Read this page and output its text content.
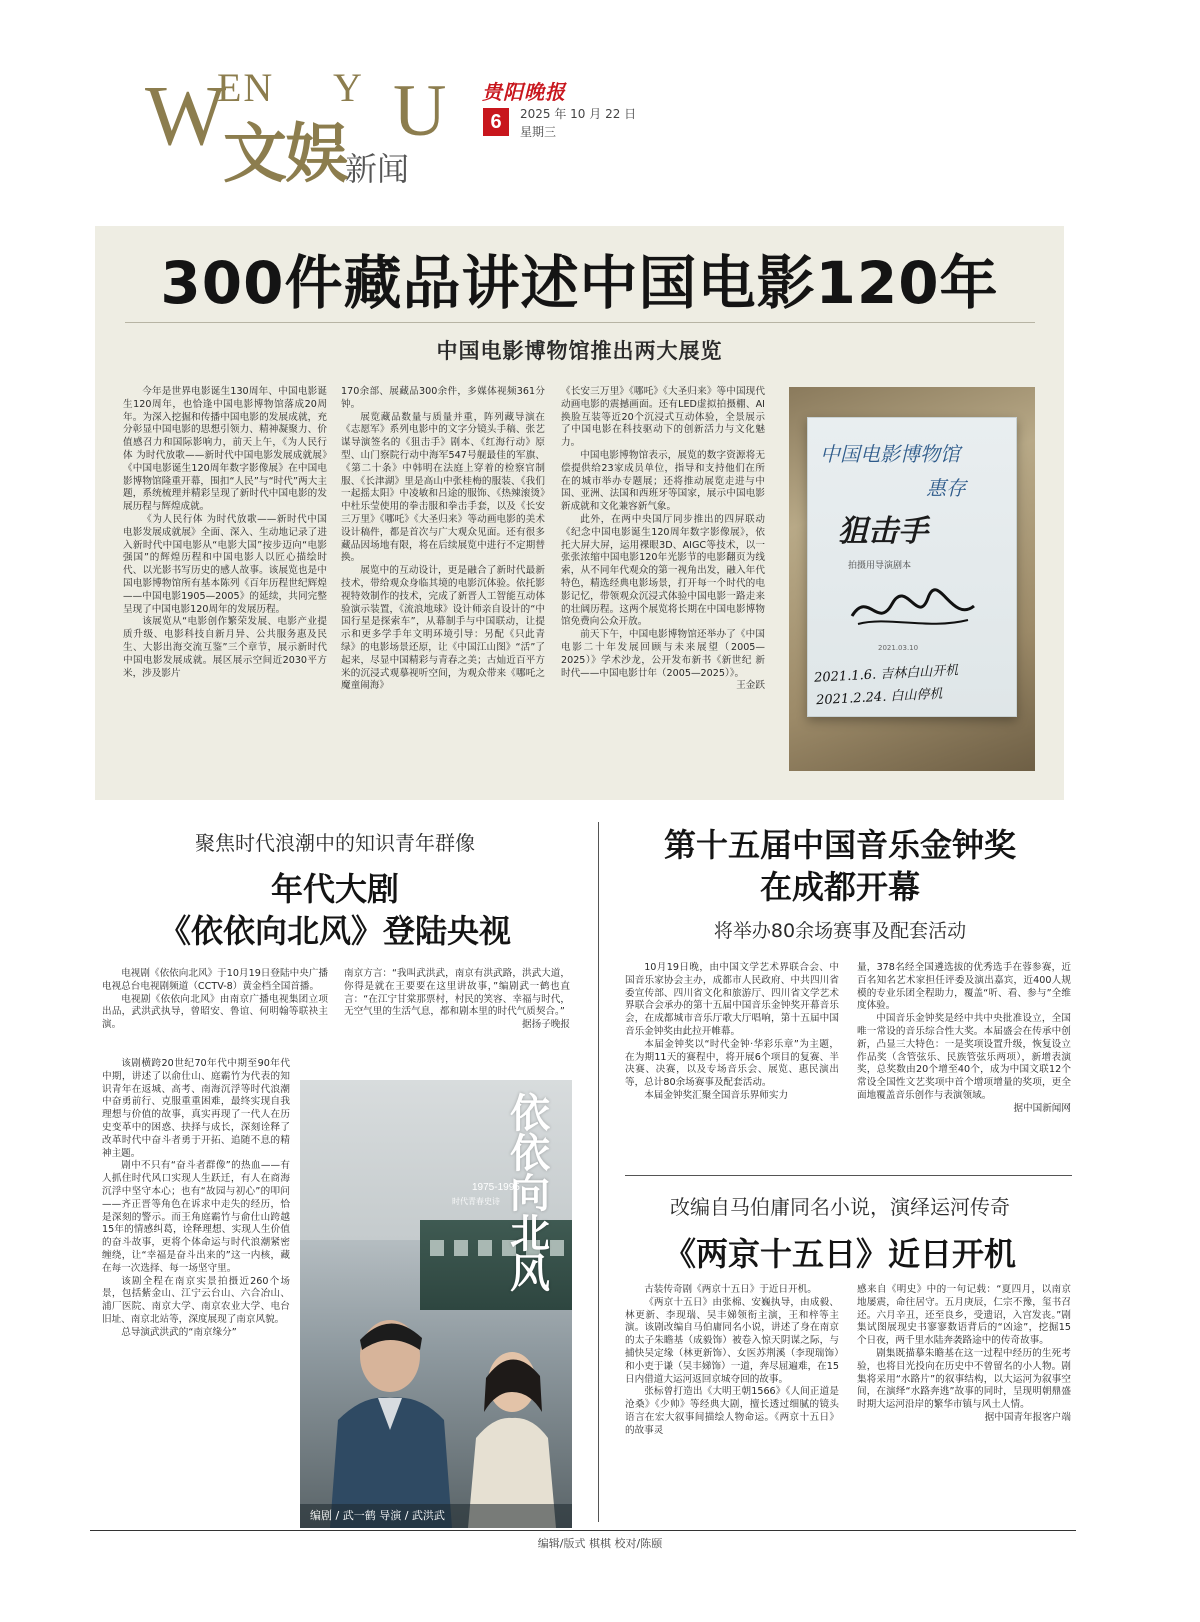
W
EN Y U
文娱
新闻
贵阳晚报
6	2025 年 10 月 22 日
星期三
300件藏品讲述中国电影120年
中国电影博物馆推出两大展览

今年是世界电影诞生130周年、中国电影诞生120周年，也恰逢中国电影博物馆落成20周年。为深入挖掘和传播中国电影的发展成就，充分彰显中国电影的思想引领力、精神凝聚力、价值感召力和国际影响力，前天上午，《为人民行体 为时代放歌——新时代中国电影发展成就展》《中国电影诞生120周年数字影像展》在中国电影博物馆隆重开幕，围扣“人民”与“时代”两大主题，系统梳理并精彩呈现了新时代中国电影的发展历程与辉煌成就。

《为人民行体 为时代放歌——新时代中国电影发展成就展》全面、深入、生动地记录了进入新时代中国电影从“电影大国”按步迈向“电影强国”的辉煌历程和中国电影人以匠心描绘时代、以光影书写历史的感人故事。该展览也是中国电影博物馆所有基本陈列《百年历程世纪辉煌——中国电影1905—2005》的延续，共同完整呈现了中国电影120周年的发展历程。

该展览从“电影创作繁荣发展、电影产业提质升级、电影科技自新月异、公共服务惠及民生、大影出海交流互鉴”三个章节，展示新时代中国电影发展成就。展区展示空间近2030平方米，涉及影片

170余部、展藏品300余件，多媒体视频361分钟。

展览藏品数量与质量并重，阵列藏导演在《志愿军》系列电影中的文字分镜头手稿、张艺谋导演签名的《狙击手》剧本、《红海行动》原型、山门察院行动中海军547号舰最佳的军旗、《第二十条》中韩明在法庭上穿着的检察官制服、《长津湖》里是高山中张桂梅的服装、《我们一起摇太阳》中凌敏和吕途的服饰、《热辣滚烫》中杜乐莹使用的拳击服和拳击手套，以及《长安三万里》《哪吒》《大圣归来》等动画电影的美术设计稿件，都是首次与广大观众见面。还有很多藏品因场地有限，将在后续展览中进行不定期替换。

展览中的互动设计，更是融合了新时代最新技术，带给观众身临其境的电影沉体验。依托影视特效制作的技术，完成了新晋人工智能互动体验演示装置，《流浪地球》设计师亲自设计的“中国行星是探索车”，从幕制手与中国联动，让提示和更多学手年文明环境引导：另配《只此青绿》的电影场景还原，让《中国江山图》“活”了起来，尽显中国精彩与青春之美；古灿近百平方米的沉浸式观摹视听空间，为观众带来《哪吒之魔童闹海》

《长安三万里》《哪吒》《大圣归来》等中国现代动画电影的震撼画面。还有LED虚拟拍摄棚、AI换脸互装等近20个沉浸式互动体验，全景展示了中国电影在科技驱动下的创新活力与文化魅力。

中国电影博物馆表示，展览的数字资源将无偿提供给23家成员单位，指导和支持他们在所在的城市举办专题展；还将推动展览走进与中国、亚洲、法国和西班牙等国家，展示中国电影新成就和文化兼容新气象。

此外，在两中央国厅同步推出的四屏联动《纪念中国电影诞生120周年数字影像展》，依托大屏大屏，运用裸眼3D、AIGC等技术，以一张张浓缩中国电影120年光影节的电影翻页为线索，从不同年代观众的第一视角出发，融入年代特色，精选经典电影场景，打开每一个时代的电影记忆，带领观众沉浸式体验中国电影一路走来的壮阔历程。这两个展览将长期在中国电影博物馆免费向公众开放。

前天下午，中国电影博物馆还举办了《中国电影二十年发展回顾与未来展望（2005—2025）》学术沙龙，公开发布新书《新世纪 新时代——中国电影廿年（2005—2025）》。

王金跃
中国电影博物馆
惠存
狙击手
拍摄用导演剧本
2021.03.10
2021.1.6. 吉林白山开机
2021.2.24. 白山停机
聚焦时代浪潮中的知识青年群像
年代大剧
《依依向北风》登陆央视

电视剧《依依向北风》于10月19日登陆中央广播电视总台电视剧频道（CCTV-8）黄金档全国首播。

电视剧《依依向北风》由南京广播电视集团立项出品，武洪武执导，曾昭安、鲁谊、何明翰等联袂主演。

南京方言：“我叫武洪武，南京有洪武路，洪武大道，你得是就在王要要在这里讲故事，”编剧武一鹤也直言：“在江宁甘棠那票村，村民的笑容、幸福与时代，无空气里的生活气息，都和剧本里的时代气质契合。”

据扬子晚报

该剧横跨20世纪70年代中期至90年代中期，讲述了以俞仕山、庭霸竹为代表的知识青年在返城、高考、南海沉浮等时代浪潮中奋勇前行、克服重重困难，最终实现自我理想与价值的故事，真实再现了一代人在历史变革中的困惑、抉择与成长，深刻诠释了改革时代中奋斗者勇于开拓、追随不息的精神主题。

剧中不只有“奋斗者群像”的热血——有人抓住时代风口实现人生跃迁，有人在商海沉浮中坚守本心；也有“故园与初心”的叩问——齐正晋等角色在诉求中走失的经历，恰是深刻的警示。而王角庭霸竹与俞仕山跨越15年的情感纠葛，诠释理想、实现人生价值的奋斗故事，更将个体命运与时代浪潮紧密缠绕，让“幸福是奋斗出来的”这一内核，藏在每一次选择、每一场坚守里。

该剧全程在南京实景拍摄近260个场景，包括紫金山、江宁云台山、六合冶山、浦厂医院、南京大学、南京农业大学、电台旧址、南京北站等，深度展现了南京风貌。

总导演武洪武的“南京缘分”

依依向北风
1975-1995
时代青春史诗
编剧 / 武一鹤 导演 / 武洪武
第十五届中国音乐金钟奖
在成都开幕
将举办80余场赛事及配套活动

10月19日晚，由中国文学艺术界联合会、中国音乐家协会主办，成都市人民政府、中共四川省委宣传部、四川省文化和旅游厅、四川省文学艺术界联合会承办的第十五届中国音乐金钟奖开幕音乐会，在成都城市音乐厅歌大厅唱响，第十五届中国音乐金钟奖由此拉开帷幕。

本届金钟奖以“时代金钟·华彩乐章”为主题，在为期11天的赛程中，将开展6个项目的复赛、半决赛、决赛，以及专场音乐会、展览、惠民演出等，总计80余场赛事及配套活动。

本届金钟奖汇聚全国音乐界师实力

量，378名经全国遴选拔的优秀选手在蓉参赛，近百名知名艺术家担任评委及演出嘉宾，近400人规模的专业乐团全程助力，覆盖“听、看、参与”全维度体验。

中国音乐金钟奖是经中共中央批准设立，全国唯一常设的音乐综合性大奖。本届盛会在传承中创新，凸显三大特色：一是奖项设置升级，恢复设立作品奖（含管弦乐、民族管弦乐两项），新增表演奖，总奖数由20个增至40个，成为中国文联12个常设全国性文艺奖项中首个增项增量的奖项，更全面地覆盖音乐创作与表演领域。

据中国新闻网
改编自马伯庸同名小说，演绎运河传奇
《两京十五日》近日开机

古装传奇剧《两京十五日》于近日开机。

《两京十五日》由张棉、安巍执导，由成毅、林更新、李现瑞、吴丰娣领衔主演，王和梓等主演。该剧改编自马伯庸同名小说，讲述了身在南京的太子朱瞻基（成毅饰）被卷入惊天阴谋之际，与捕快吴定缘（林更新饰）、女医苏荆溪（李现瑞饰）和小吏于谦（吴丰娣饰）一道，奔尽屈遍难，在15日内借道大运河返回京城夺回的故事。

张标曾打造出《大明王朝1566》《人间正道是沧桑》《少帅》等经典大剧，擅长透过细腻的镜头语言在宏大叙事间描绘人物命运。《两京十五日》的故事灵

感来自《明史》中的一句记载：“夏四月，以南京地屡震，命往居守。五月庚辰，仁宗不豫，玺书召还。六月辛丑，还至良乡，受遗诏，入宫发丧。”剧集试图展现史书寥寥数语背后的“凶途”，挖掘15个日夜，两千里水陆奔袭路途中的传奇故事。

剧集既描摹朱瞻基在这一过程中经历的生死考验，也将目光投向在历史中不曾留名的小人物。剧集将采用“水路片”的叙事结构，以大运河为叙事空间，在演绎“水路奔逃”故事的同时，呈现明朝鼎盛时期大运河沿岸的繁华市镇与风土人情。

据中国青年报客户端
编辑/版式 棋棋 校对/陈颐
